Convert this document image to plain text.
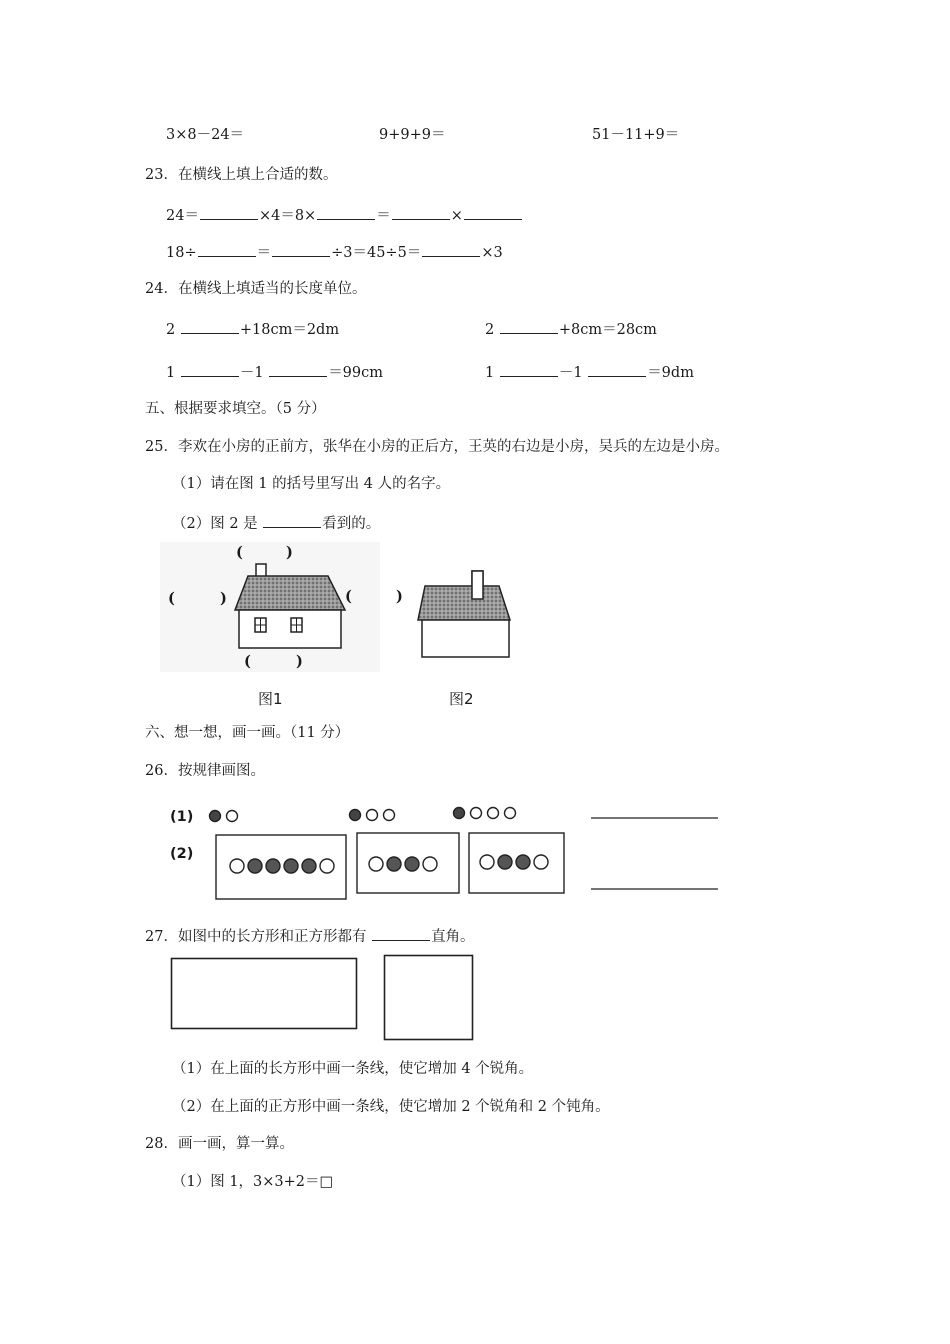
3×8－24＝	9+9+9＝	51－11+9＝
23．在横线上填上合适的数。
24＝	×4＝8×	＝	×
18÷	＝	÷3＝45÷5＝	×3
24．在横线上填适当的长度单位。
2	+18cm＝2dm	2	+8cm＝28cm
1	－1	＝99cm	1	－1	＝9dm
五、根据要求填空。（5 分）
25．李欢在小房的正前方，张华在小房的正后方，王英的右边是小房，吴兵的左边是小房。
（1）请在图 1 的括号里写出 4 人的名字。
（2）图 2 是	看到的。
(	)
(	)	(	)
(	)
图1	图2
六、想一想，画一画。（11 分）
26．按规律画图。
(1)
(2)
27．如图中的长方形和正方形都有	直角。
（1）在上面的长方形中画一条线，使它增加 4 个锐角。
（2）在上面的正方形中画一条线，使它增加 2 个锐角和 2 个钝角。
28．画一画，算一算。
（1）图 1，3×3+2＝□
